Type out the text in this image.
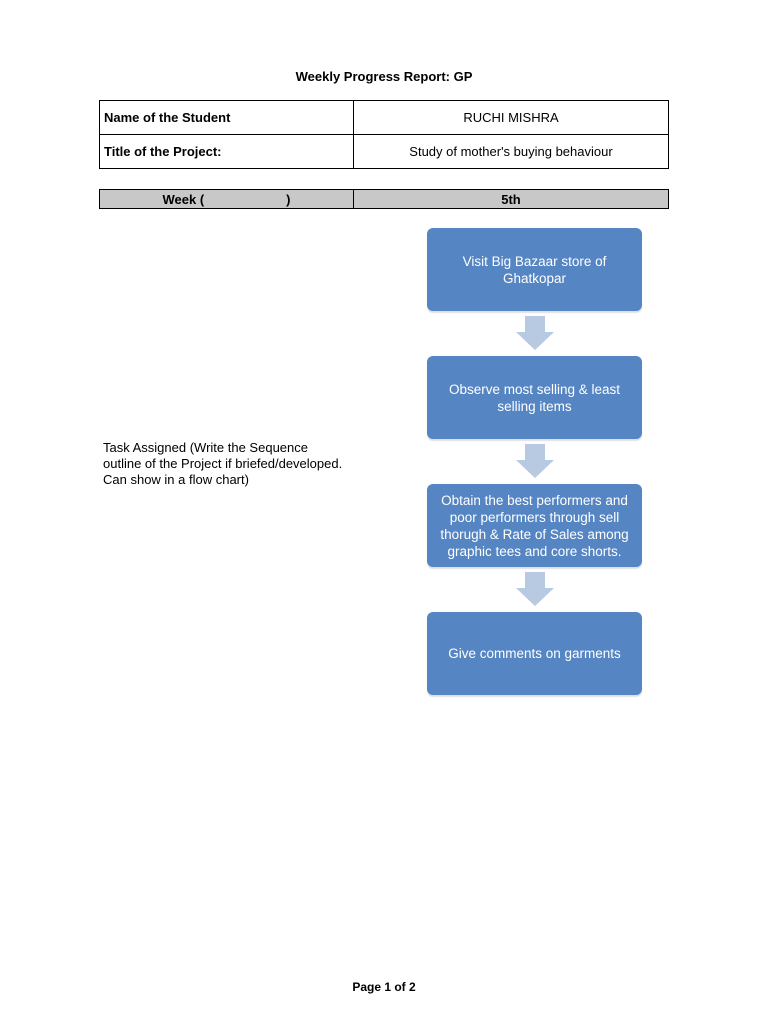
Weekly Progress Report: GP
Name of the Student	RUCHI MISHRA
Title of the Project:	Study of mother's buying behaviour
Week (	)	5th
Task Assigned (Write the Sequence outline of the Project if briefed/developed. Can show in a flow chart)
Visit Big Bazaar store of Ghatkopar
Observe most selling & least selling items
Obtain the best performers and poor performers through sell thorugh & Rate of Sales among graphic tees and core shorts.
Give comments on garments
Page 1 of 2
